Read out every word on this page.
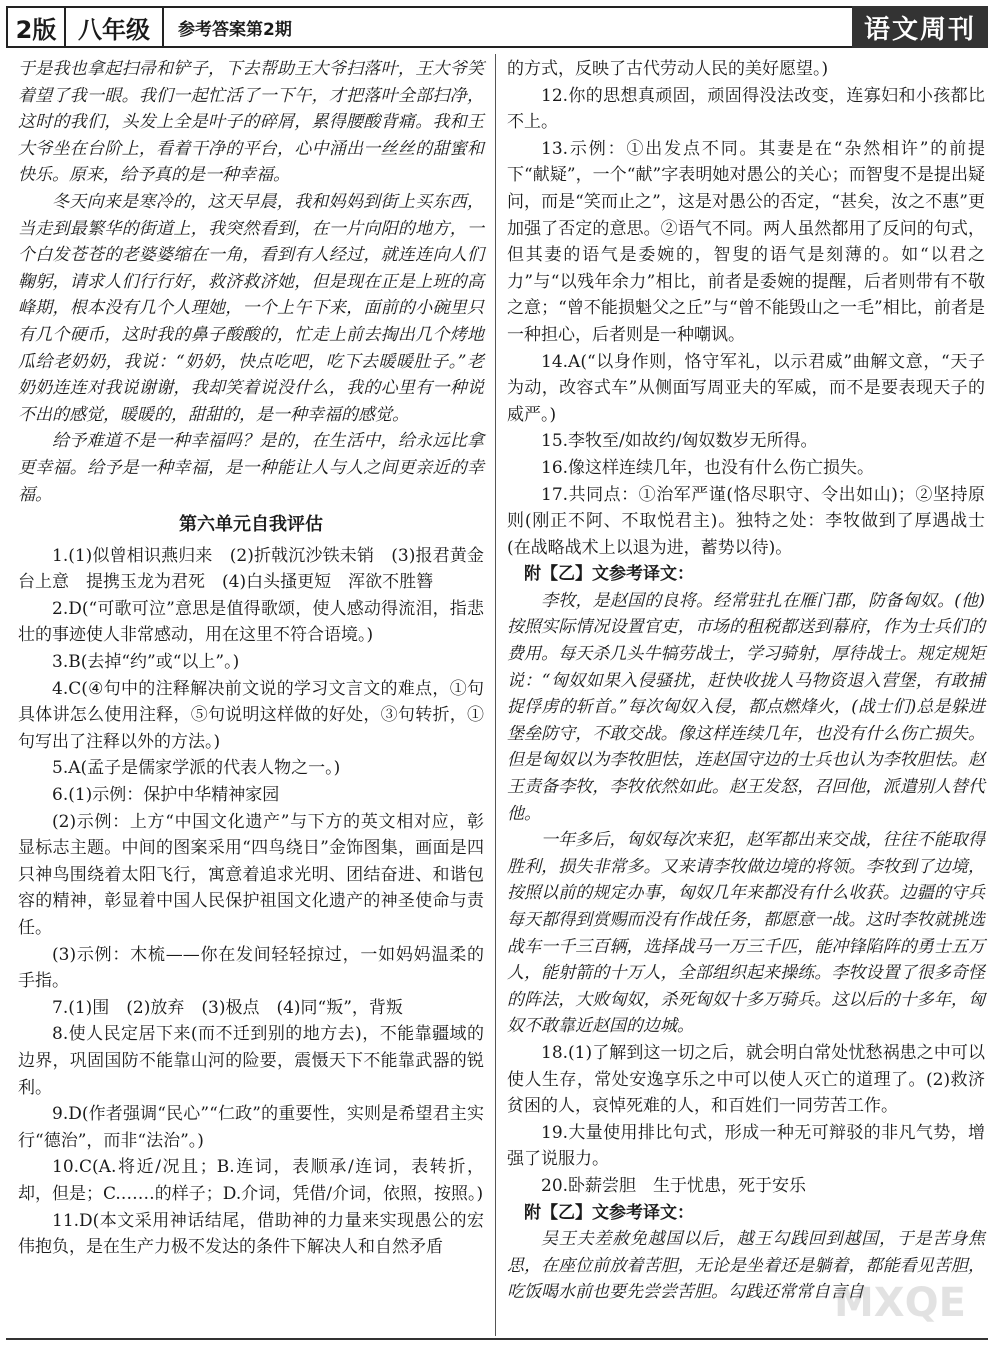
2版 八年级	参考答案第2期	语文周刊

于是我也拿起扫帚和铲子，下去帮助王大爷扫落叶，王大爷笑着望了我一眼。我们一起忙活了一下午，才把落叶全部扫净，这时的我们，头发上全是叶子的碎屑，累得腰酸背痛。我和王大爷坐在台阶上，看着干净的平台，心中涌出一丝丝的甜蜜和快乐。原来，给予真的是一种幸福。

冬天向来是寒冷的，这天早晨，我和妈妈到街上买东西，当走到最繁华的街道上，我突然看到，在一片向阳的地方，一个白发苍苍的老婆婆缩在一角，看到有人经过，就连连向人们鞠躬，请求人们行行好，救济救济她，但是现在正是上班的高峰期，根本没有几个人理她，一个上午下来，面前的小碗里只有几个硬币，这时我的鼻子酸酸的，忙走上前去掏出几个烤地瓜给老奶奶，我说：“奶奶，快点吃吧，吃下去暖暖肚子。”老奶奶连连对我说谢谢，我却笑着说没什么，我的心里有一种说不出的感觉，暖暖的，甜甜的，是一种幸福的感觉。

给予难道不是一种幸福吗？是的，在生活中，给永远比拿更幸福。给予是一种幸福，是一种能让人与人之间更亲近的幸福。

第六单元自我评估

1.(1)似曾相识燕归来　(2)折戟沉沙铁未销　(3)报君黄金台上意　提携玉龙为君死　(4)白头搔更短　浑欲不胜簪

2.D(“可歌可泣”意思是值得歌颂，使人感动得流泪，指悲壮的事迹使人非常感动，用在这里不符合语境。)

3.B(去掉“约”或“以上”。)

4.C(④句中的注释解决前文说的学习文言文的难点，①句具体讲怎么使用注释，⑤句说明这样做的好处，③句转折，①句写出了注释以外的方法。)

5.A(孟子是儒家学派的代表人物之一。)

6.(1)示例：保护中华精神家园

(2)示例：上方“中国文化遗产”与下方的英文相对应，彰显标志主题。中间的图案采用“四鸟绕日”金饰图集，画面是四只神鸟围绕着太阳飞行，寓意着追求光明、团结奋进、和谐包容的精神，彰显着中国人民保护祖国文化遗产的神圣使命与责任。

(3)示例：木梳——你在发间轻轻掠过，一如妈妈温柔的手指。

7.(1)围　(2)放弃　(3)极点　(4)同“叛”，背叛

8.使人民定居下来(而不迁到别的地方去)，不能靠疆域的边界，巩固国防不能靠山河的险要，震慑天下不能靠武器的锐利。

9.D(作者强调“民心”“仁政”的重要性，实则是希望君主实行“德治”，而非“法治”。)

10.C(A.将近/况且；B.连词，表顺承/连词，表转折，却，但是；C.……的样子；D.介词，凭借/介词，依照，按照。)

11.D(本文采用神话结尾，借助神的力量来实现愚公的宏伟抱负，是在生产力极不发达的条件下解决人和自然矛盾

的方式，反映了古代劳动人民的美好愿望。)

12.你的思想真顽固，顽固得没法改变，连寡妇和小孩都比不上。

13.示例：①出发点不同。其妻是在“杂然相许”的前提下“献疑”，一个“献”字表明她对愚公的关心；而智叟不是提出疑问，而是“笑而止之”，这是对愚公的否定，“甚矣，汝之不惠”更加强了否定的意思。②语气不同。两人虽然都用了反问的句式，但其妻的语气是委婉的，智叟的语气是刻薄的。如“以君之力”与“以残年余力”相比，前者是委婉的提醒，后者则带有不敬之意；“曾不能损魁父之丘”与“曾不能毁山之一毛”相比，前者是一种担心，后者则是一种嘲讽。

14.A(“以身作则，恪守军礼，以示君威”曲解文意，“天子为动，改容式车”从侧面写周亚夫的军威，而不是要表现天子的威严。)

15.李牧至/如故约/匈奴数岁无所得。

16.像这样连续几年，也没有什么伤亡损失。

17.共同点：①治军严谨(恪尽职守、令出如山)；②坚持原则(刚正不阿、不取悦君主)。独特之处：李牧做到了厚遇战士(在战略战术上以退为进，蓄势以待)。

附【乙】文参考译文：

李牧，是赵国的良将。经常驻扎在雁门郡，防备匈奴。(他)按照实际情况设置官吏，市场的租税都送到幕府，作为士兵们的费用。每天杀几头牛犒劳战士，学习骑射，厚待战士。规定规矩说：“匈奴如果入侵骚扰，赶快收拢人马物资退入营堡，有敢捕捉俘虏的斩首。”每次匈奴入侵，都点燃烽火，(战士们)总是躲进堡垒防守，不敢交战。像这样连续几年，也没有什么伤亡损失。但是匈奴以为李牧胆怯，连赵国守边的士兵也认为李牧胆怯。赵王责备李牧，李牧依然如此。赵王发怒，召回他，派遣别人替代他。

一年多后，匈奴每次来犯，赵军都出来交战，往往不能取得胜利，损失非常多。又来请李牧做边境的将领。李牧到了边境，按照以前的规定办事，匈奴几年来都没有什么收获。边疆的守兵每天都得到赏赐而没有作战任务，都愿意一战。这时李牧就挑选战车一千三百辆，选择战马一万三千匹，能冲锋陷阵的勇士五万人，能射箭的十万人，全部组织起来操练。李牧设置了很多奇怪的阵法，大败匈奴，杀死匈奴十多万骑兵。这以后的十多年，匈奴不敢靠近赵国的边城。

18.(1)了解到这一切之后，就会明白常处忧愁祸患之中可以使人生存，常处安逸享乐之中可以使人灭亡的道理了。(2)救济贫困的人，哀悼死难的人，和百姓们一同劳苦工作。

19.大量使用排比句式，形成一种无可辩驳的非凡气势，增强了说服力。

20.卧薪尝胆　生于忧患，死于安乐

附【乙】文参考译文：

吴王夫差赦免越国以后，越王勾践回到越国，于是苦身焦思，在座位前放着苦胆，无论是坐着还是躺着，都能看见苦胆，吃饭喝水前也要先尝尝苦胆。勾践还常常自言自

MXQE
